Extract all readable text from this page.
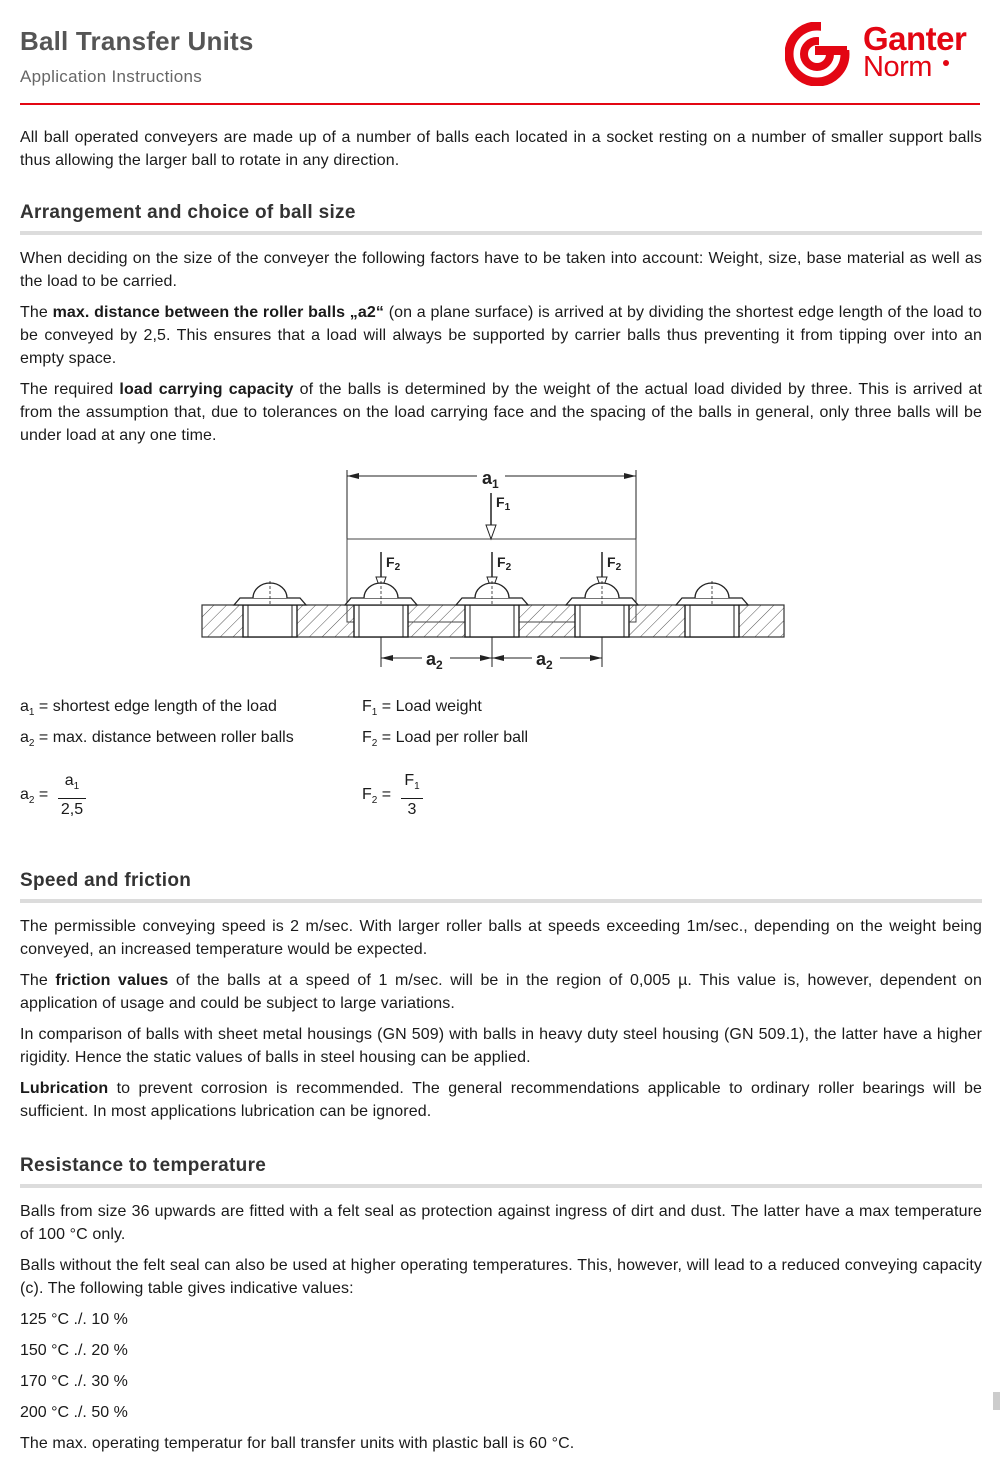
Ball Transfer Units
Application Instructions
Ganter
Norm

All ball operated conveyers are made up of a number of balls each located in a socket resting on a number of smaller support balls thus allowing the larger ball to rotate in any direction.

Arrangement and choice of ball size

When deciding on the size of the conveyer the following factors have to be taken into account: Weight, size, base material as well as the load to be carried.

The max. distance between the roller balls „a2“ (on a plane surface) is arrived at by dividing the shortest edge length of the load to be conveyed by 2,5. This ensures that a load will always be supported by carrier balls thus preventing it from tipping over into an empty space.

The required load carrying capacity of the balls is determined by the weight of the actual load divided by three. This is arrived at from the assumption that, due to tolerances on the load carrying face and the spacing of the balls in general, only three balls will be under load at any one time.

$a_1$
$F_1$
$F_2$	$F_2$	$F_2$
$a_2$	$a_2$
$a_1$ = shortest edge length of the load
$a_2 = \max$. distance between roller balls
$F_1$ = Load weight
$F_2$ = Load per roller ball
$a_2$ =
$a_1$
2,5
$F_2$ =
$F_1$
3
Speed and friction

The permissible conveying speed is 2 m/sec. With larger roller balls at speeds exceeding 1m/sec., depending on the weight being conveyed, an increased temperature would be expected.

The friction values of the balls at a speed of 1 m/sec. will be in the region of 0,005 µ. This value is, however, dependent on application of usage and could be subject to large variations.

In comparison of balls with sheet metal housings (GN 509) with balls in heavy duty steel housing (GN 509.1), the latter have a higher rigidity. Hence the static values of balls in steel housing can be applied.

Lubrication to prevent corrosion is recommended. The general recommendations applicable to ordinary roller bearings will be sufficient. In most applications lubrication can be ignored.

Resistance to temperature

Balls from size 36 upwards are fitted with a felt seal as protection against ingress of dirt and dust. The latter have a max temperature of 100 °C only.

Balls without the felt seal can also be used at higher operating temperatures. This, however, will lead to a reduced conveying capacity (c). The following table gives indicative values:

125 °C ./. 10 %
150 °C ./. 20 %
170 °C ./. 30 %
200 °C ./. 50 %

The max. operating temperatur for ball transfer units with plastic ball is 60 °C.
